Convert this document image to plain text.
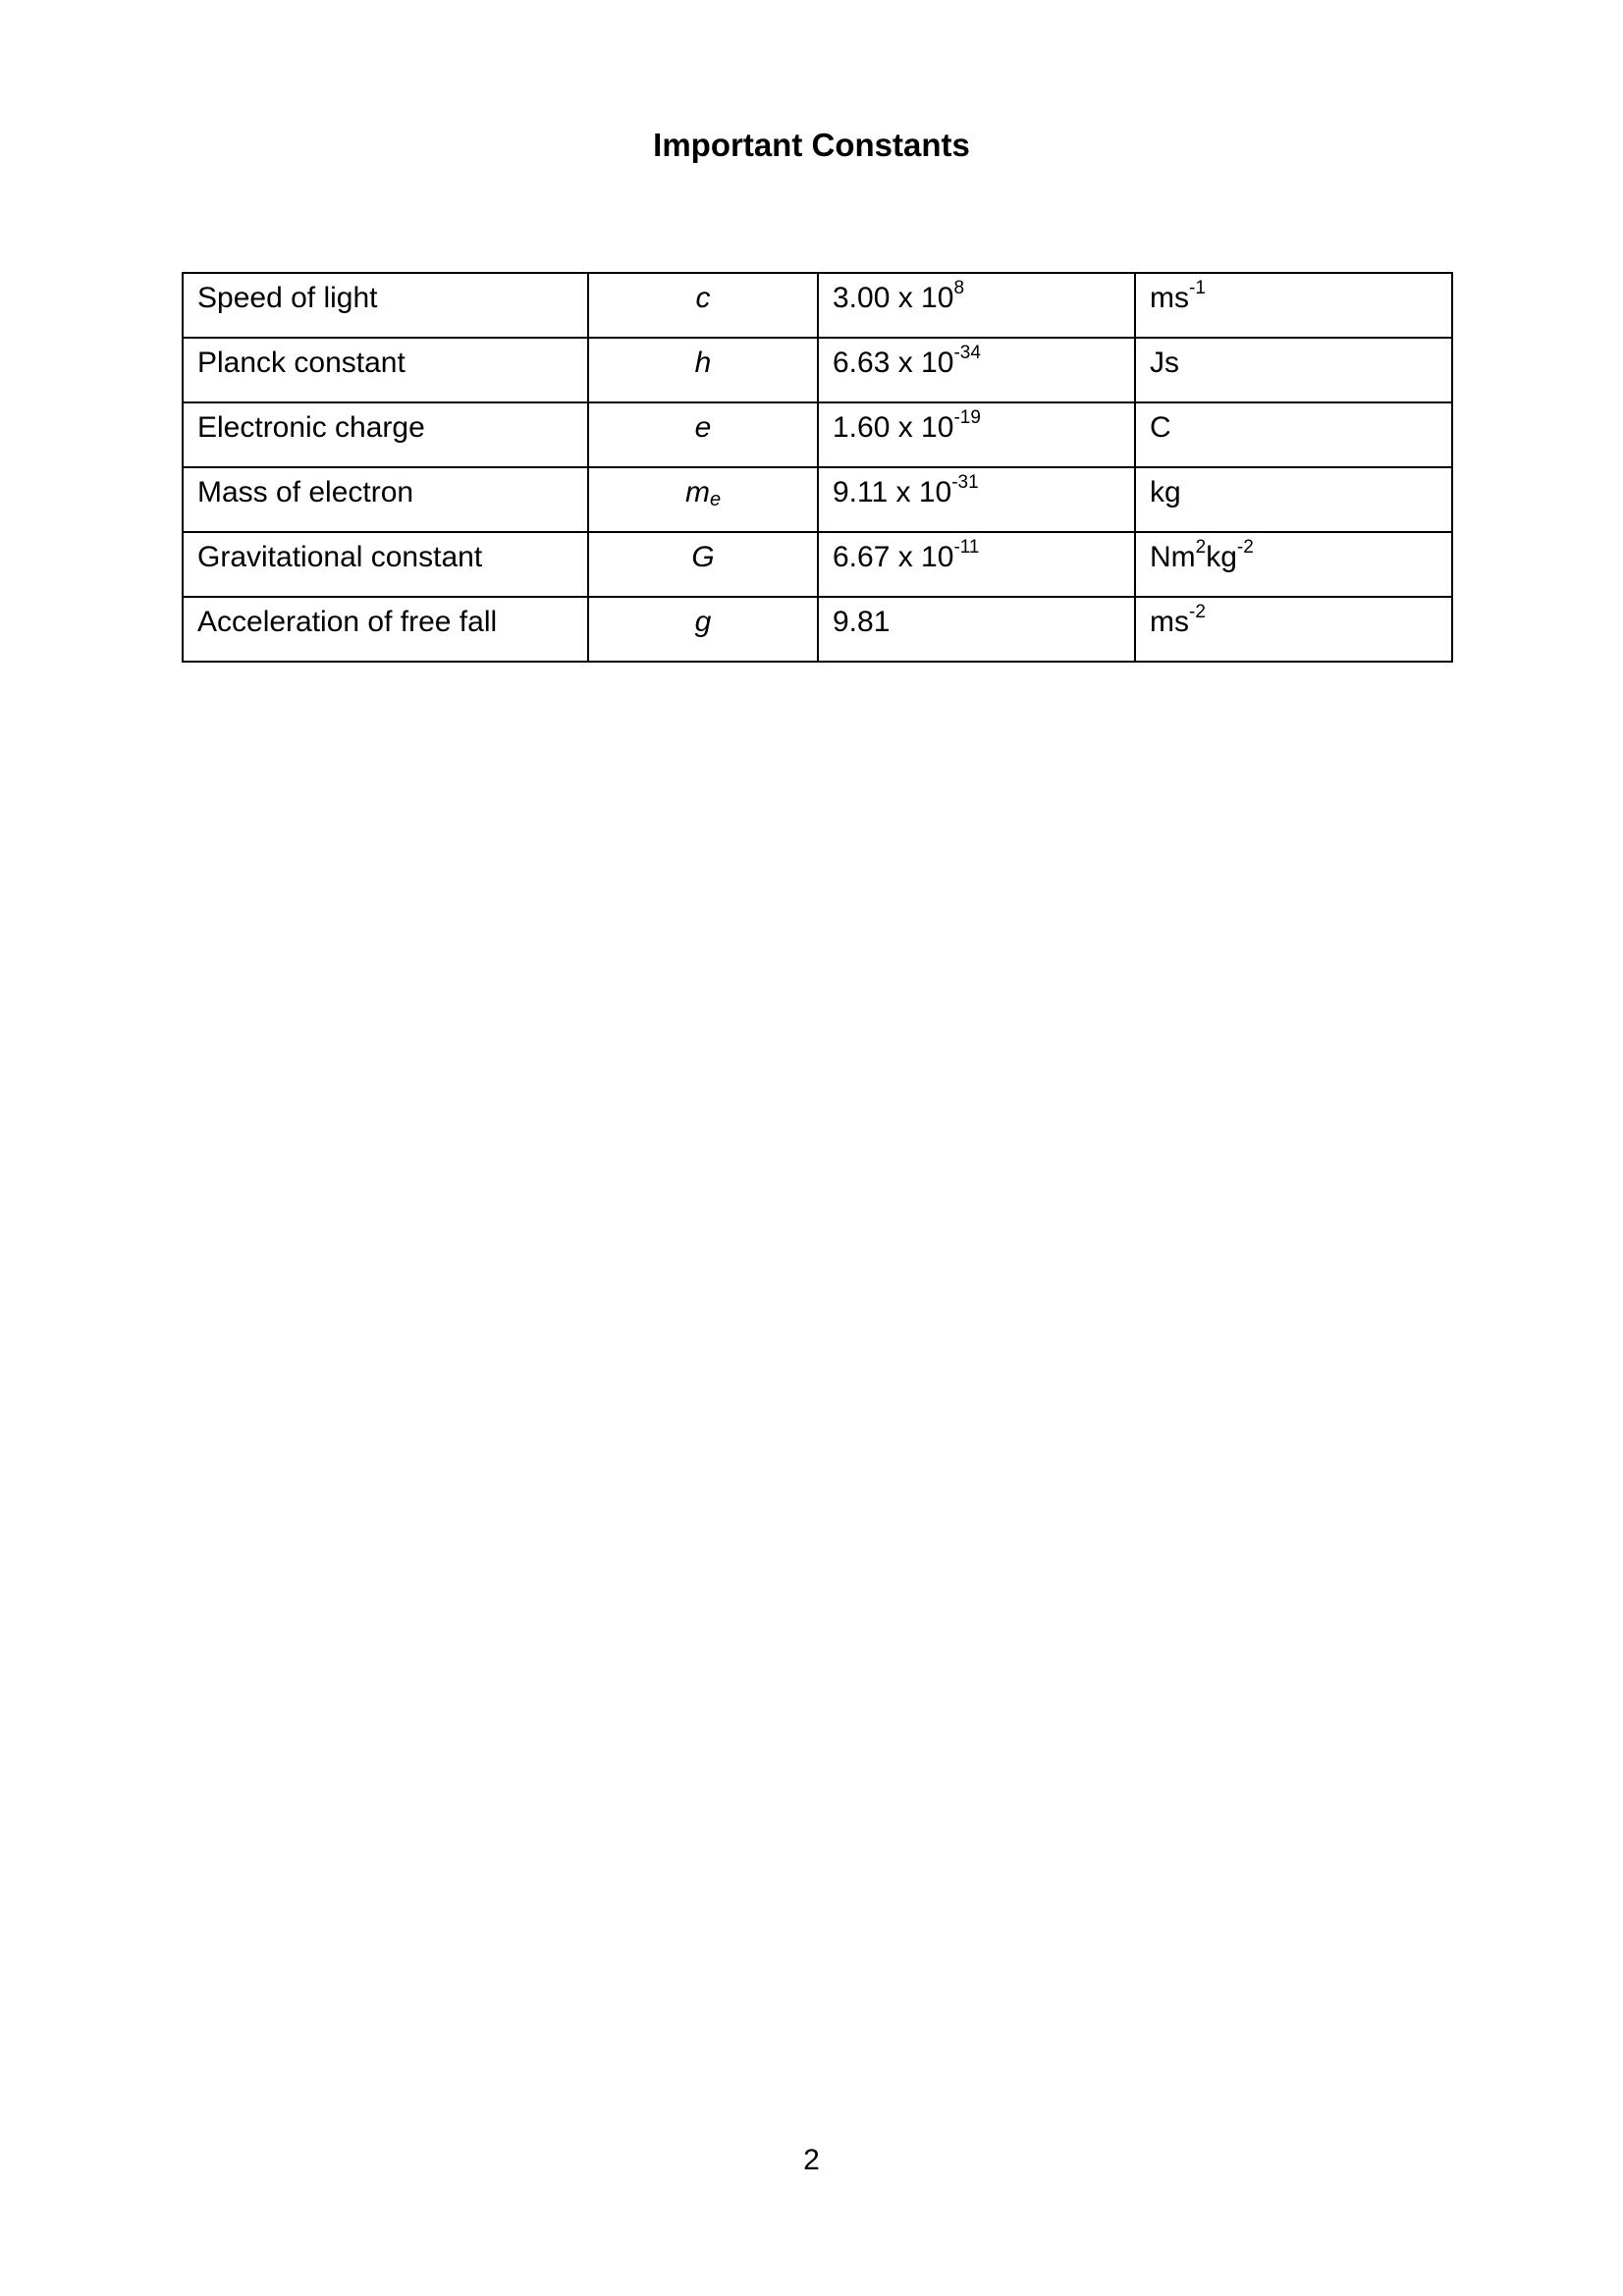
Important Constants
Speed of light	c	3.00 x $10^8$	$ms^{-1}$
Planck constant	h	6.63 x $10^{-34}$	Js
Electronic charge	e	1.60 x $10^{-19}$	C
Mass of electron	$m_e$	9.11 x $10^{-31}$	kg
Gravitational constant	G	6.67 x $10^{-11}$	$Nm^2kg^{-2}$
Acceleration of free fall	g	9.81	$ms^{-2}$
2
